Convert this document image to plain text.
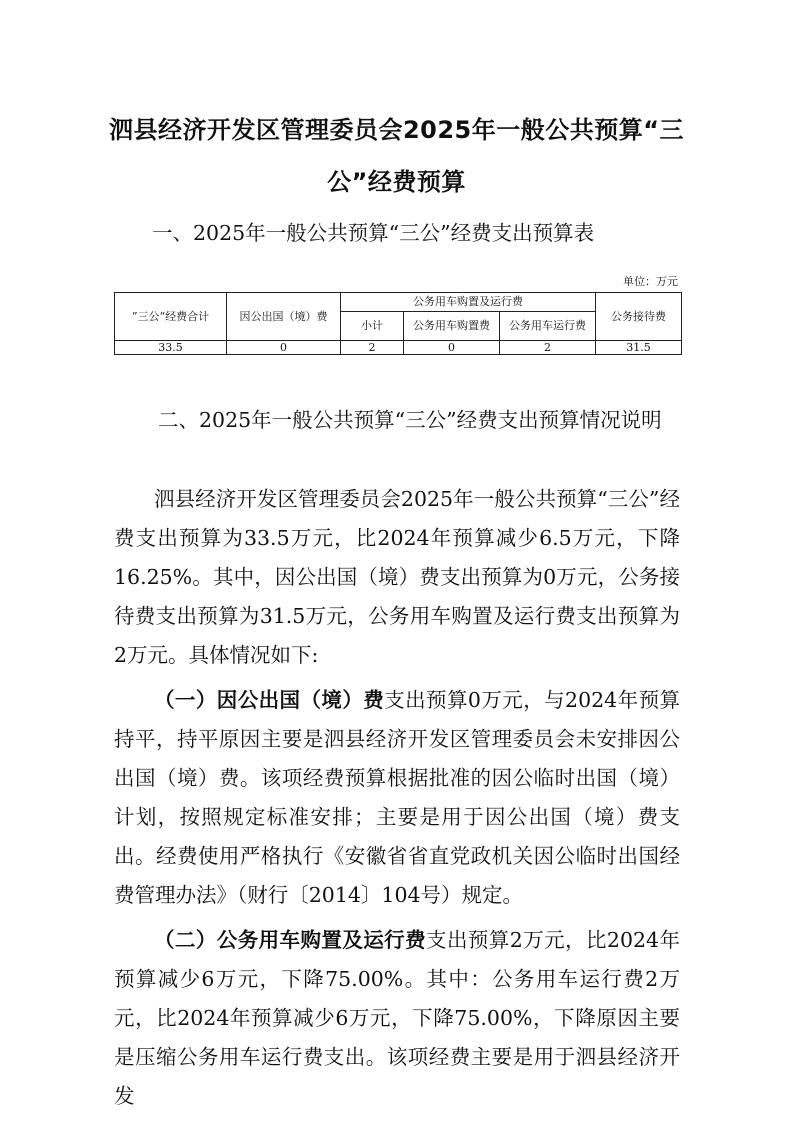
泗县经济开发区管理委员会2025年一般公共预算“三公”经费预算
一、2025年一般公共预算“三公”经费支出预算表
单位：万元
”三公“经费合计	因公出国（境）费	公务用车购置及运行费			公务接待费
		小计	公务用车购置费	公务用车运行费	
33.5	0	2	0	2	31.5
二、2025年一般公共预算“三公”经费支出预算情况说明

泗县经济开发区管理委员会2025年一般公共预算“三公”经费支出预算为33.5万元，比2024年预算减少6.5万元，下降16.25%。其中，因公出国（境）费支出预算为0万元，公务接待费支出预算为31.5万元，公务用车购置及运行费支出预算为2万元。具体情况如下:

（一）因公出国（境）费支出预算0万元，与2024年预算持平，持平原因主要是泗县经济开发区管理委员会未安排因公出国（境）费。该项经费预算根据批准的因公临时出国（境）计划，按照规定标准安排；主要是用于因公出国（境）费支出。经费使用严格执行《安徽省省直党政机关因公临时出国经费管理办法》（财行〔2014〕104号）规定。

（二）公务用车购置及运行费支出预算2万元，比2024年预算减少6万元，下降75.00%。其中：公务用车运行费2万元，比2024年预算减少6万元，下降75.00%，下降原因主要是压缩公务用车运行费支出。该项经费主要是用于泗县经济开发
